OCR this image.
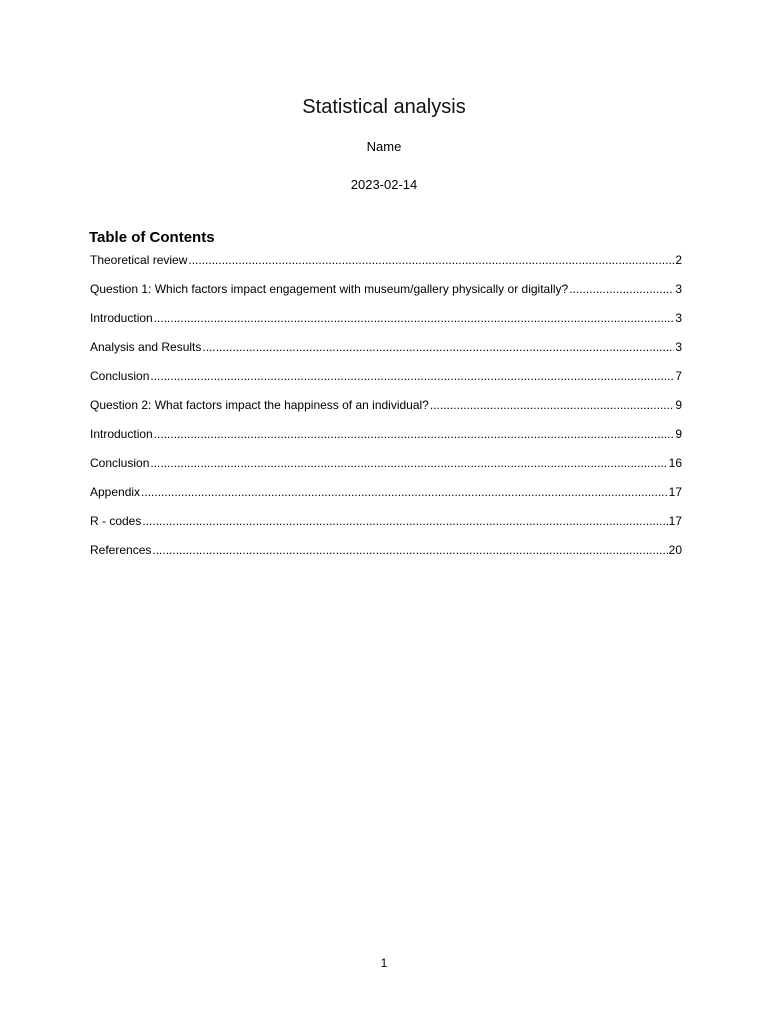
Statistical analysis
Name
2023-02-14
Table of Contents
Theoretical review .....	2
Question 1: Which factors impact engagement with museum/gallery physically or digitally? .....	3
Introduction .....	3
Analysis and Results .....	3
Conclusion .....	7
Question 2: What factors impact the happiness of an individual? .....	9
Introduction .....	9
Conclusion .....	16
Appendix .....	17
R - codes .....	17
References .....	20
1
